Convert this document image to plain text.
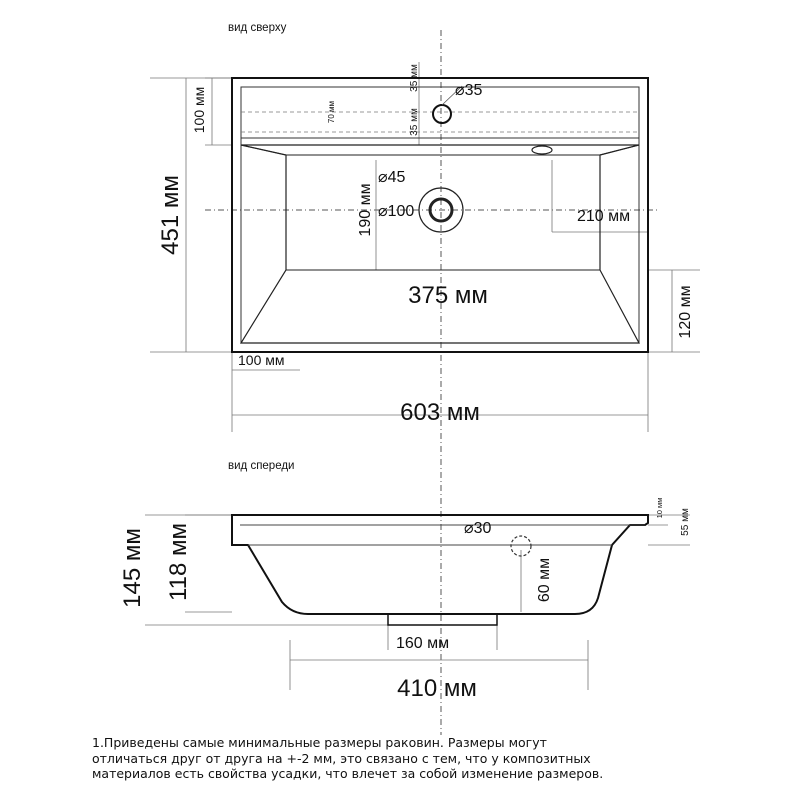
вид сверху
603 мм
451 мм
100 мм	70 мм
35 мм
35 мм
⌀35
⌀45
⌀100
190 мм	210 мм
375 мм	120 мм
100 мм
вид спереди
145 мм 118 мм	⌀30
60 мм
10 мм
55 мм
160 мм
410 мм
1.Приведены самые минимальные размеры раковин. Размеры могут
отличаться друг от друга на +-2 мм, это связано с тем, что у композитных
материалов есть свойства усадки, что влечет за собой изменение размеров.
